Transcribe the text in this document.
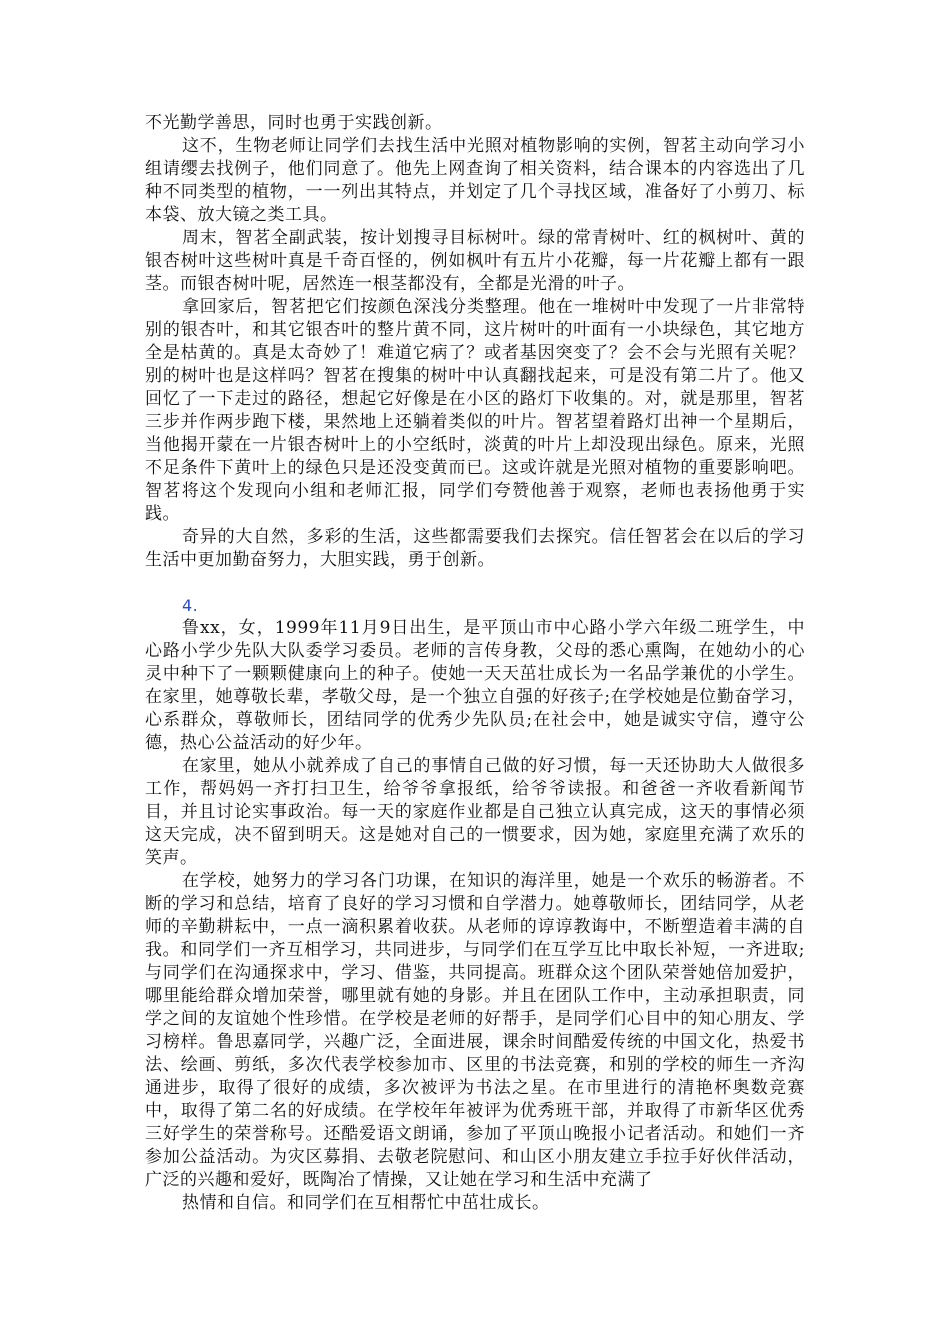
不光勤学善思，同时也勇于实践创新。

这不，生物老师让同学们去找生活中光照对植物影响的实例，智茗主动向学习小组请缨去找例子，他们同意了。他先上网查询了相关资料，结合课本的内容选出了几种不同类型的植物，一一列出其特点，并划定了几个寻找区域，准备好了小剪刀、标本袋、放大镜之类工具。

周末，智茗全副武装，按计划搜寻目标树叶。绿的常青树叶、红的枫树叶、黄的银杏树叶这些树叶真是千奇百怪的，例如枫叶有五片小花瓣，每一片花瓣上都有一跟茎。而银杏树叶呢，居然连一根茎都没有，全都是光滑的叶子。

拿回家后，智茗把它们按颜色深浅分类整理。他在一堆树叶中发现了一片非常特别的银杏叶，和其它银杏叶的整片黄不同，这片树叶的叶面有一小块绿色，其它地方全是枯黄的。真是太奇妙了！难道它病了？或者基因突变了？会不会与光照有关呢？别的树叶也是这样吗？智茗在搜集的树叶中认真翻找起来，可是没有第二片了。他又回忆了一下走过的路径，想起它好像是在小区的路灯下收集的。对，就是那里，智茗三步并作两步跑下楼，果然地上还躺着类似的叶片。智茗望着路灯出神一个星期后，当他揭开蒙在一片银杏树叶上的小空纸时，淡黄的叶片上却没现出绿色。原来，光照不足条件下黄叶上的绿色只是还没变黄而已。这或许就是光照对植物的重要影响吧。智茗将这个发现向小组和老师汇报，同学们夸赞他善于观察，老师也表扬他勇于实践。

奇异的大自然，多彩的生活，这些都需要我们去探究。信任智茗会在以后的学习生活中更加勤奋努力，大胆实践，勇于创新。

4.

鲁xx，女，1999年11月9日出生，是平顶山市中心路小学六年级二班学生，中心路小学少先队大队委学习委员。老师的言传身教，父母的悉心熏陶，在她幼小的心灵中种下了一颗颗健康向上的种子。使她一天天茁壮成长为一名品学兼优的小学生。在家里，她尊敬长辈，孝敬父母，是一个独立自强的好孩子;在学校她是位勤奋学习，心系群众，尊敬师长，团结同学的优秀少先队员;在社会中，她是诚实守信，遵守公德，热心公益活动的好少年。

在家里，她从小就养成了自己的事情自己做的好习惯，每一天还协助大人做很多工作，帮妈妈一齐打扫卫生，给爷爷拿报纸，给爷爷读报。和爸爸一齐收看新闻节目，并且讨论实事政治。每一天的家庭作业都是自己独立认真完成，这天的事情必须这天完成，决不留到明天。这是她对自己的一惯要求，因为她，家庭里充满了欢乐的笑声。

在学校，她努力的学习各门功课，在知识的海洋里，她是一个欢乐的畅游者。不断的学习和总结，培育了良好的学习习惯和自学潜力。她尊敬师长，团结同学，从老师的辛勤耕耘中，一点一滴积累着收获。从老师的谆谆教诲中，不断塑造着丰满的自我。和同学们一齐互相学习，共同进步，与同学们在互学互比中取长补短，一齐进取;与同学们在沟通探求中，学习、借鉴，共同提高。班群众这个团队荣誉她倍加爱护，哪里能给群众增加荣誉，哪里就有她的身影。并且在团队工作中，主动承担职责，同学之间的友谊她个性珍惜。在学校是老师的好帮手，是同学们心目中的知心朋友、学习榜样。鲁思嘉同学，兴趣广泛，全面进展，课余时间酷爱传统的中国文化，热爱书法、绘画、剪纸，多次代表学校参加市、区里的书法竞赛，和别的学校的师生一齐沟通进步，取得了很好的成绩，多次被评为书法之星。在市里进行的清艳杯奥数竞赛中，取得了第二名的好成绩。在学校年年被评为优秀班干部，并取得了市新华区优秀三好学生的荣誉称号。还酷爱语文朗诵，参加了平顶山晚报小记者活动。和她们一齐参加公益活动。为灾区募捐、去敬老院慰问、和山区小朋友建立手拉手好伙伴活动，广泛的兴趣和爱好，既陶冶了情操，又让她在学习和生活中充满了

热情和自信。和同学们在互相帮忙中茁壮成长。
